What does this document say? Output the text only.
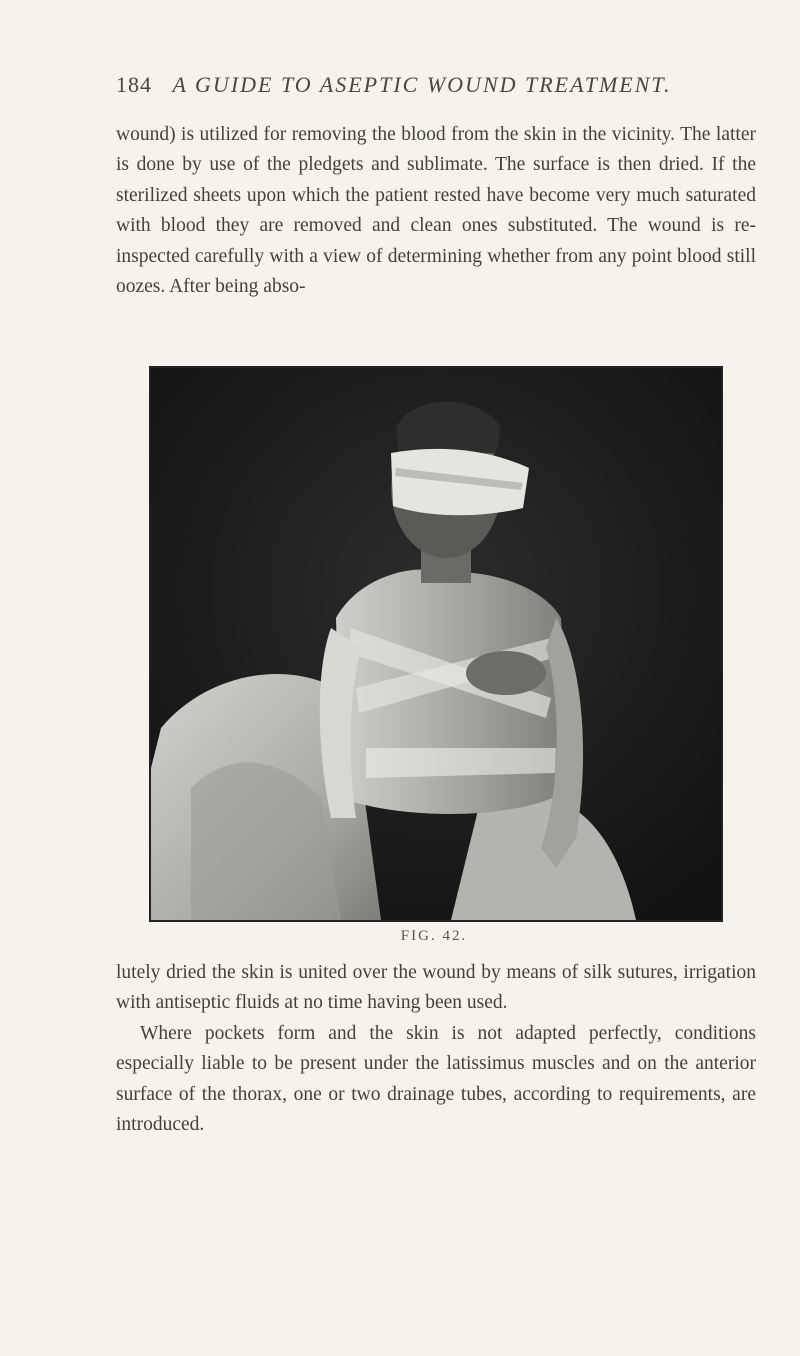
184 A GUIDE TO ASEPTIC WOUND TREATMENT.

wound) is utilized for removing the blood from the skin in the vicinity. The latter is done by use of the pledgets and sublimate. The surface is then dried. If the sterilized sheets upon which the patient rested have become very much saturated with blood they are removed and clean ones substituted. The wound is re-inspected carefully with a view of determining whether from any point blood still oozes. After being abso-

FIG. 42.

lutely dried the skin is united over the wound by means of silk sutures, irrigation with antiseptic fluids at no time having been used.

Where pockets form and the skin is not adapted perfectly, conditions especially liable to be present under the latissimus muscles and on the anterior surface of the thorax, one or two drainage tubes, according to requirements, are introduced.
